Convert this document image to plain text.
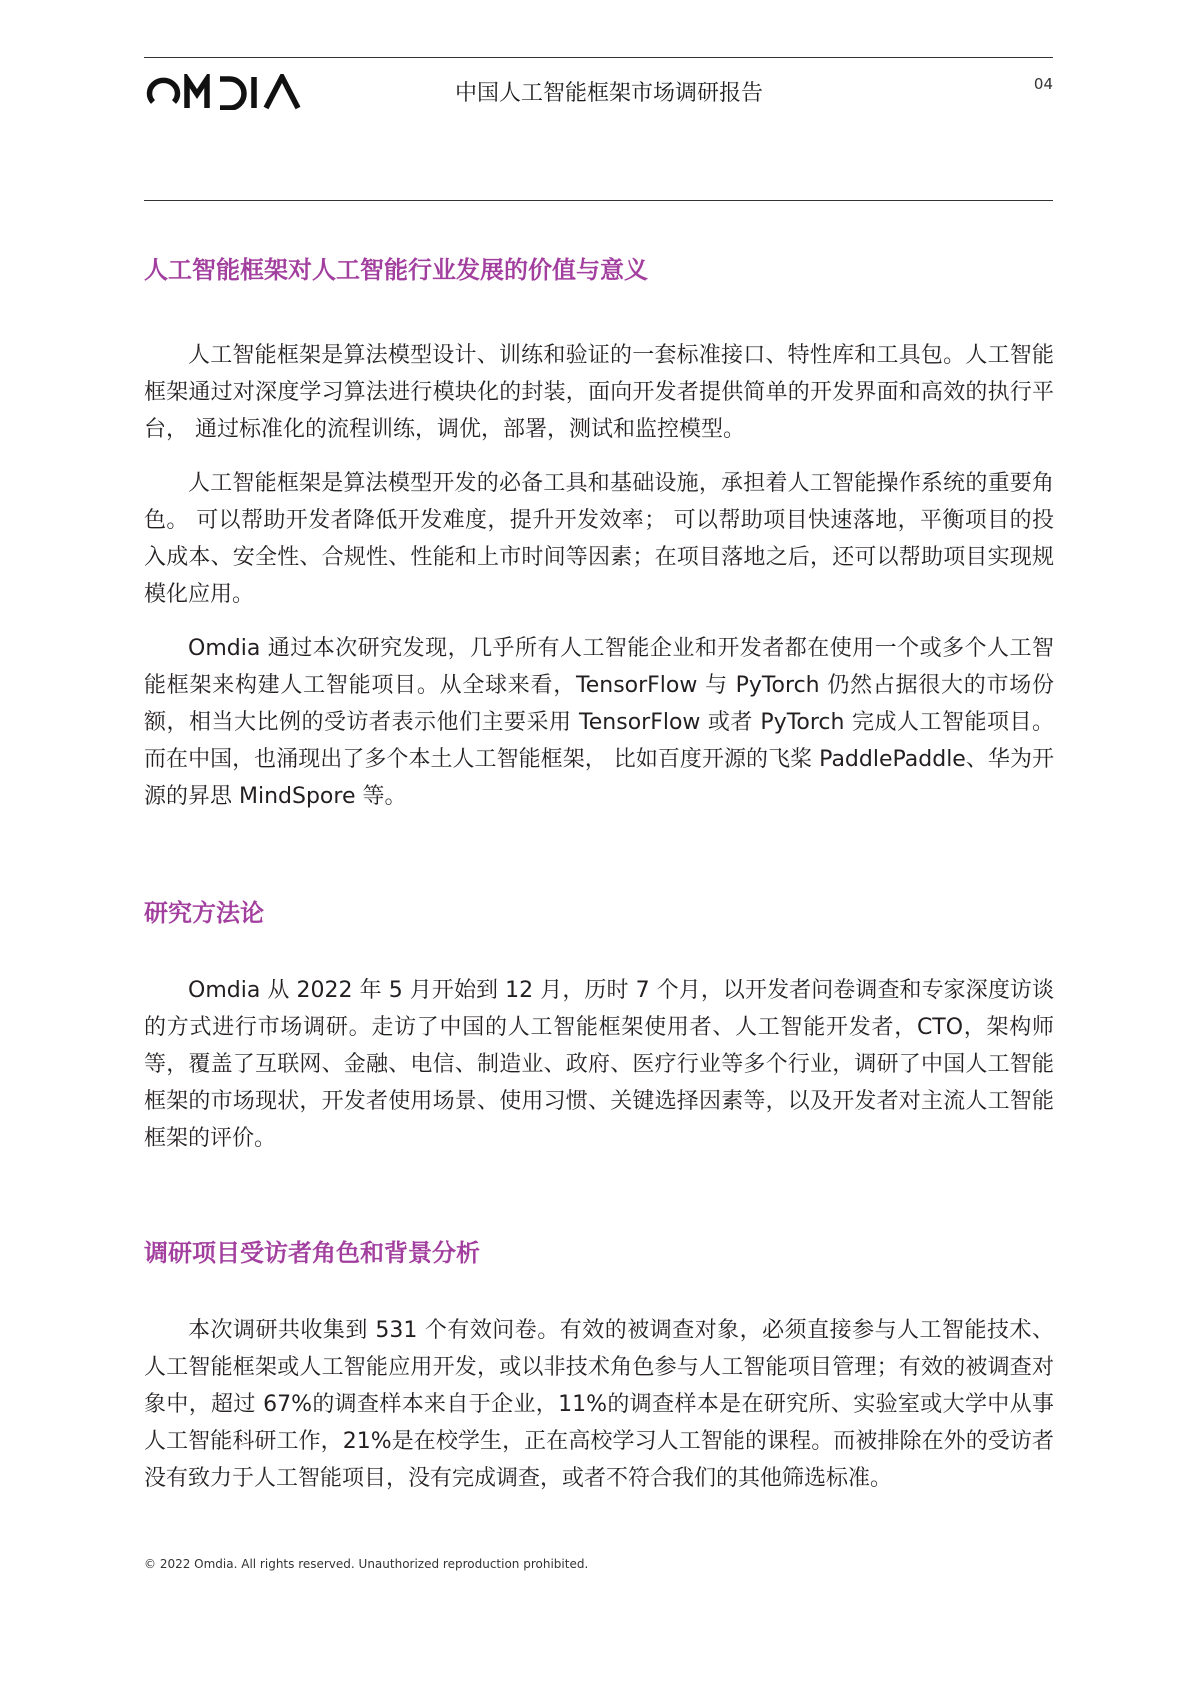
中国人工智能框架市场调研报告	04
人工智能框架对人工智能行业发展的价值与意义

人工智能框架是算法模型设计、训练和验证的一套标准接口、特性库和工具包。人工智能框架通过对深度学习算法进行模块化的封装，面向开发者提供简单的开发界面和高效的执行平台， 通过标准化的流程训练，调优，部署，测试和监控模型。

人工智能框架是算法模型开发的必备工具和基础设施，承担着人工智能操作系统的重要角色。 可以帮助开发者降低开发难度，提升开发效率； 可以帮助项目快速落地，平衡项目的投入成本、安全性、合规性、性能和上市时间等因素；在项目落地之后，还可以帮助项目实现规模化应用。

Omdia 通过本次研究发现，几乎所有人工智能企业和开发者都在使用一个或多个人工智能框架来构建人工智能项目。从全球来看，TensorFlow 与 PyTorch 仍然占据很大的市场份额，相当大比例的受访者表示他们主要采用 TensorFlow 或者 PyTorch 完成人工智能项目。而在中国，也涌现出了多个本土人工智能框架， 比如百度开源的飞桨 PaddlePaddle、华为开源的昇思 MindSpore 等。

研究方法论

Omdia 从 2022 年 5 月开始到 12 月，历时 7 个月，以开发者问卷调查和专家深度访谈的方式进行市场调研。走访了中国的人工智能框架使用者、人工智能开发者，CTO，架构师等，覆盖了互联网、金融、电信、制造业、政府、医疗行业等多个行业，调研了中国人工智能框架的市场现状，开发者使用场景、使用习惯、关键选择因素等，以及开发者对主流人工智能框架的评价。

调研项目受访者角色和背景分析

本次调研共收集到 531 个有效问卷。有效的被调查对象，必须直接参与人工智能技术、人工智能框架或人工智能应用开发，或以非技术角色参与人工智能项目管理；有效的被调查对象中，超过 67%的调查样本来自于企业，11%的调查样本是在研究所、实验室或大学中从事人工智能科研工作，21%是在校学生，正在高校学习人工智能的课程。而被排除在外的受访者没有致力于人工智能项目，没有完成调查，或者不符合我们的其他筛选标准。

© 2022 Omdia. All rights reserved. Unauthorized reproduction prohibited.
